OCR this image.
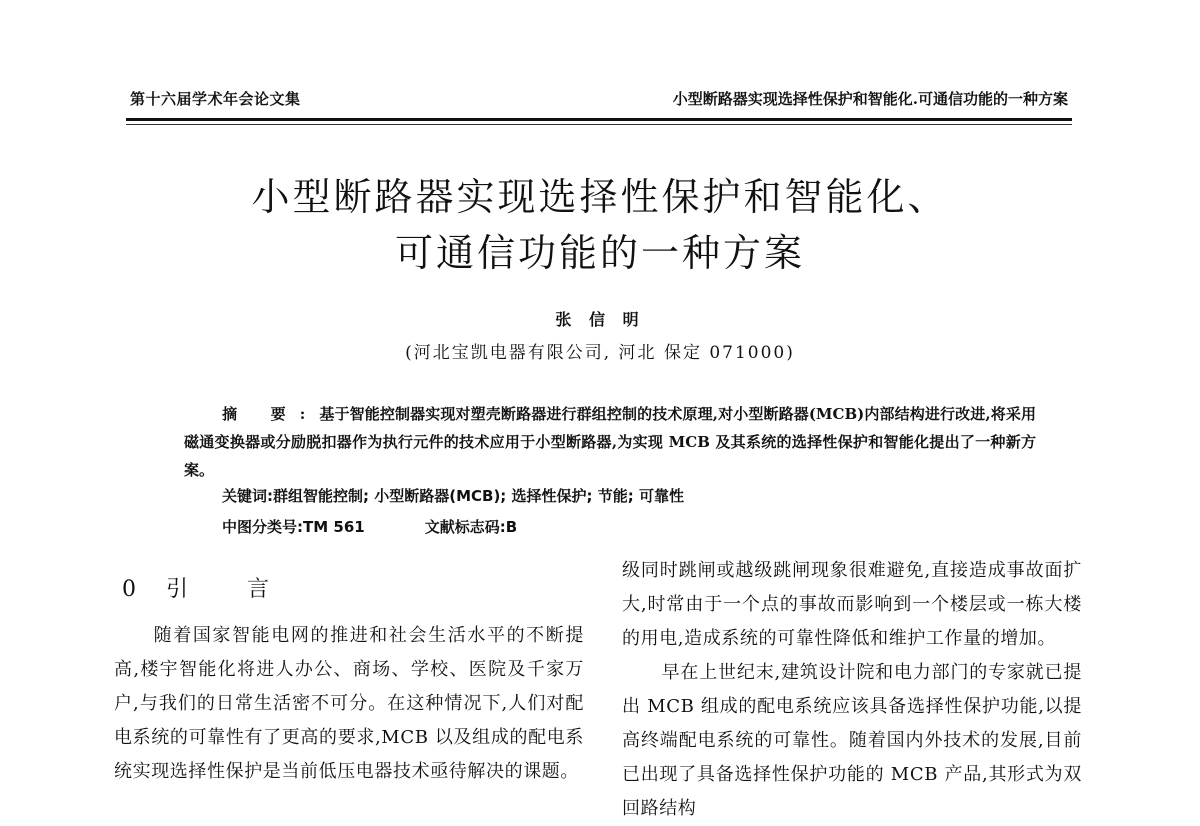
第十六届学术年会论文集	小型断路器实现选择性保护和智能化.可通信功能的一种方案
小型断路器实现选择性保护和智能化、
可通信功能的一种方案
张 信 明
(河北宝凯电器有限公司, 河北 保定 071000)
摘 要:基于智能控制器实现对塑壳断路器进行群组控制的技术原理,对小型断路器(MCB)内部结构进行改进,将采用磁通变换器或分励脱扣器作为执行元件的技术应用于小型断路器,为实现 MCB 及其系统的选择性保护和智能化提出了一种新方案。
关键词:群组智能控制; 小型断路器(MCB); 选择性保护; 节能; 可靠性
中图分类号:TM 561	文献标志码:B
0 引 言

随着国家智能电网的推进和社会生活水平的不断提高,楼宇智能化将进人办公、商场、学校、医院及千家万户,与我们的日常生活密不可分。在这种情况下,人们对配电系统的可靠性有了更高的要求,MCB 以及组成的配电系统实现选择性保护是当前低压电器技术亟待解决的课题。

级同时跳闸或越级跳闸现象很难避免,直接造成事故面扩大,时常由于一个点的事故而影响到一个楼层或一栋大楼的用电,造成系统的可靠性降低和维护工作量的增加。

早在上世纪末,建筑设计院和电力部门的专家就已提出 MCB 组成的配电系统应该具备选择性保护功能,以提高终端配电系统的可靠性。随着国内外技术的发展,目前已出现了具备选择性保护功能的 MCB 产品,其形式为双回路结构
